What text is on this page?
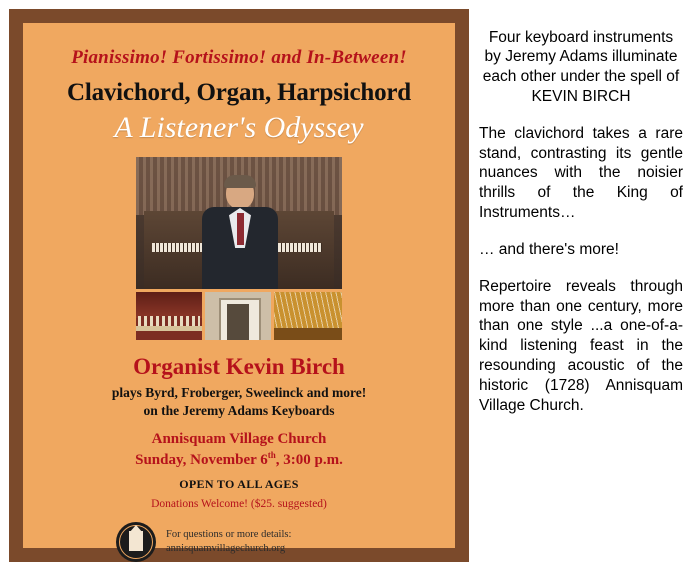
Pianissimo! Fortissimo! and In-Between!
Clavichord, Organ, Harpsichord
A Listener's Odyssey
Organist Kevin Birch
plays Byrd, Froberger, Sweelinck and more!
on the Jeremy Adams Keyboards
Annisquam Village Church
Sunday, November 6th, 3:00 p.m.
OPEN TO ALL AGES
Donations Welcome! ($25. suggested)
For questions or more details:
annisquamvillagechurch.org

Four keyboard instruments by Jeremy Adams illuminate each other under the spell of KEVIN BIRCH

The clavichord takes a rare stand, contrasting its gentle nuances with the noisier thrills of the King of Instruments…

… and there's more!

Repertoire reveals through more than one century, more than one style ...a one-of-a-kind listening feast in the resounding acoustic of the historic (1728) Annisquam Village Church.
